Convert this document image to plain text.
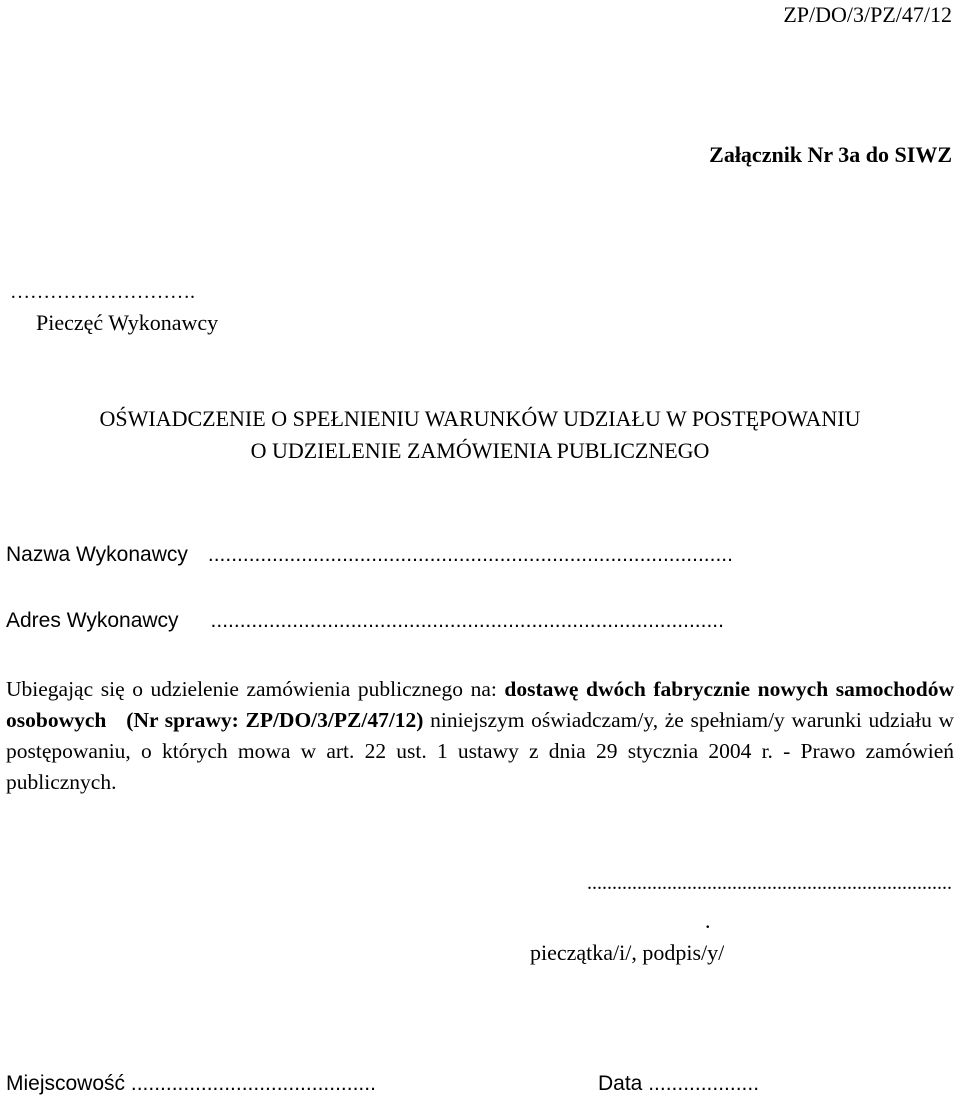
ZP/DO/3/PZ/47/12
Załącznik Nr 3a do SIWZ
……………………….
Pieczęć Wykonawcy
OŚWIADCZENIE O SPEŁNIENIU WARUNKÓW UDZIAŁU W POSTĘPOWANIU
O UDZIELENIE ZAMÓWIENIA PUBLICZNEGO
Nazwa Wykonawcy ..........................................................................................
Adres Wykonawcy ........................................................................................
Ubiegając się o udzielenie zamówienia publicznego na: dostawę dwóch fabrycznie nowych samochodów osobowych (Nr sprawy: ZP/DO/3/PZ/47/12) niniejszym oświadczam/y, że spełniam/y warunki udziału w postępowaniu, o których mowa w art. 22 ust. 1 ustawy z dnia 29 stycznia 2004 r. - Prawo zamówień publicznych.
.........................................................................
.
pieczątka/i/, podpis/y/
Miejscowość ..........................................	Data ...................
